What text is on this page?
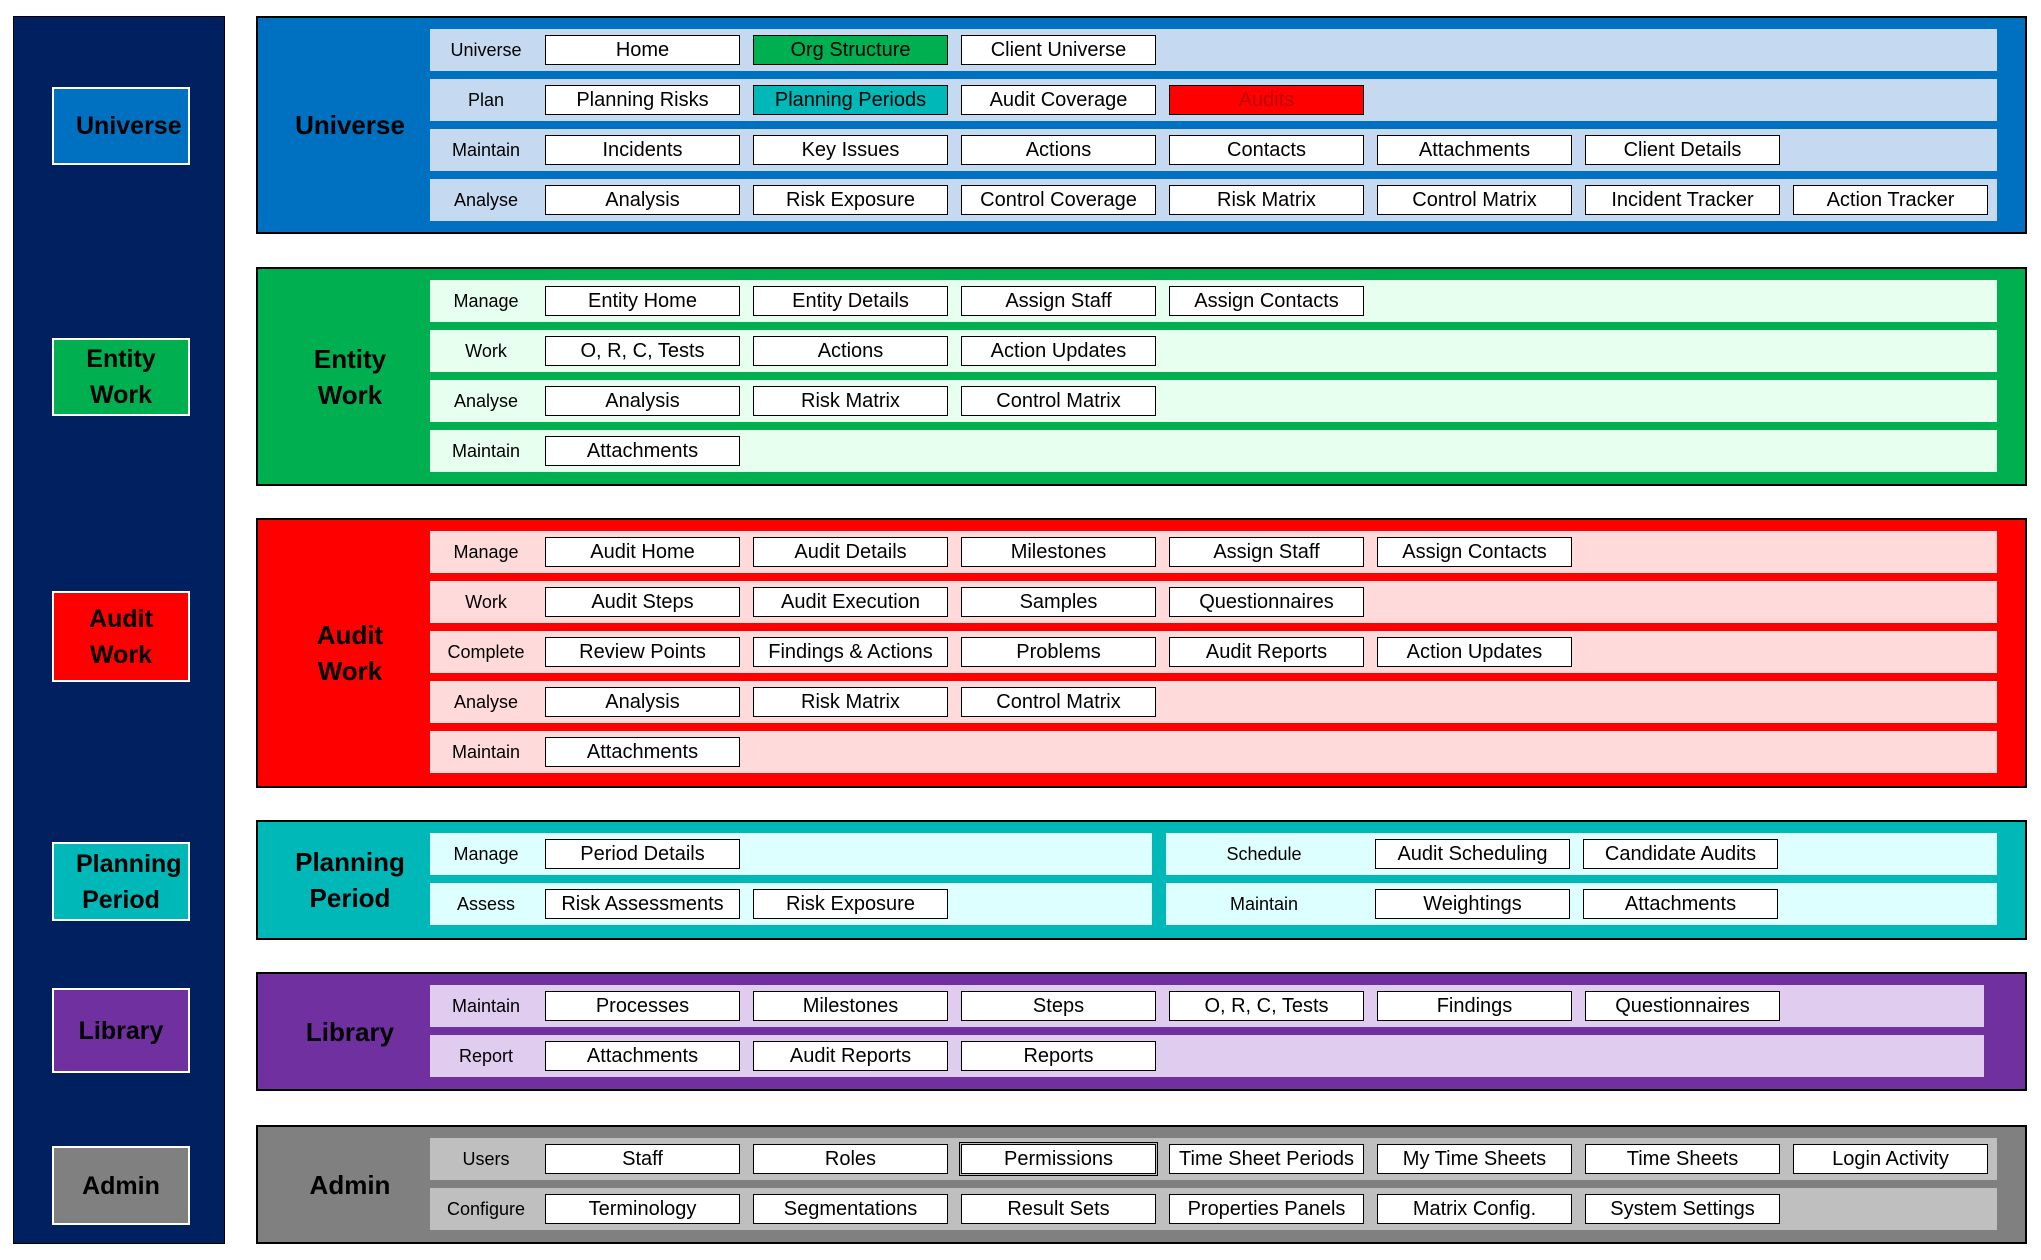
Universe
Entity Work
Audit Work
Planning Period
Library
Admin
Universe
Universe	Home	Org Structure	Client Universe
Plan	Planning Risks	Planning Periods	Audit Coverage	Audits
Maintain	Incidents	Key Issues	Actions	Contacts	Attachments	Client Details
Analyse	Analysis	Risk Exposure	Control Coverage	Risk Matrix	Control Matrix	Incident Tracker	Action Tracker
Entity Work
Manage	Entity Home	Entity Details	Assign Staff	Assign Contacts
Work	O, R, C, Tests	Actions	Action Updates
Analyse	Analysis	Risk Matrix	Control Matrix
Maintain	Attachments
Audit Work
Manage	Audit Home	Audit Details	Milestones	Assign Staff	Assign Contacts
Work	Audit Steps	Audit Execution	Samples	Questionnaires
Complete	Review Points	Findings & Actions	Problems	Audit Reports	Action Updates
Analyse	Analysis	Risk Matrix	Control Matrix
Maintain	Attachments
Planning Period
Manage	Period Details	Schedule	Audit Scheduling	Candidate Audits
Assess	Risk Assessments	Risk Exposure	Maintain	Weightings	Attachments
Library
Maintain	Processes	Milestones	Steps	O, R, C, Tests	Findings	Questionnaires
Report	Attachments	Audit Reports	Reports
Admin
Users	Staff	Roles	Permissions	Time Sheet Periods	My Time Sheets	Time Sheets	Login Activity
Configure	Terminology	Segmentations	Result Sets	Properties Panels	Matrix Config.	System Settings
